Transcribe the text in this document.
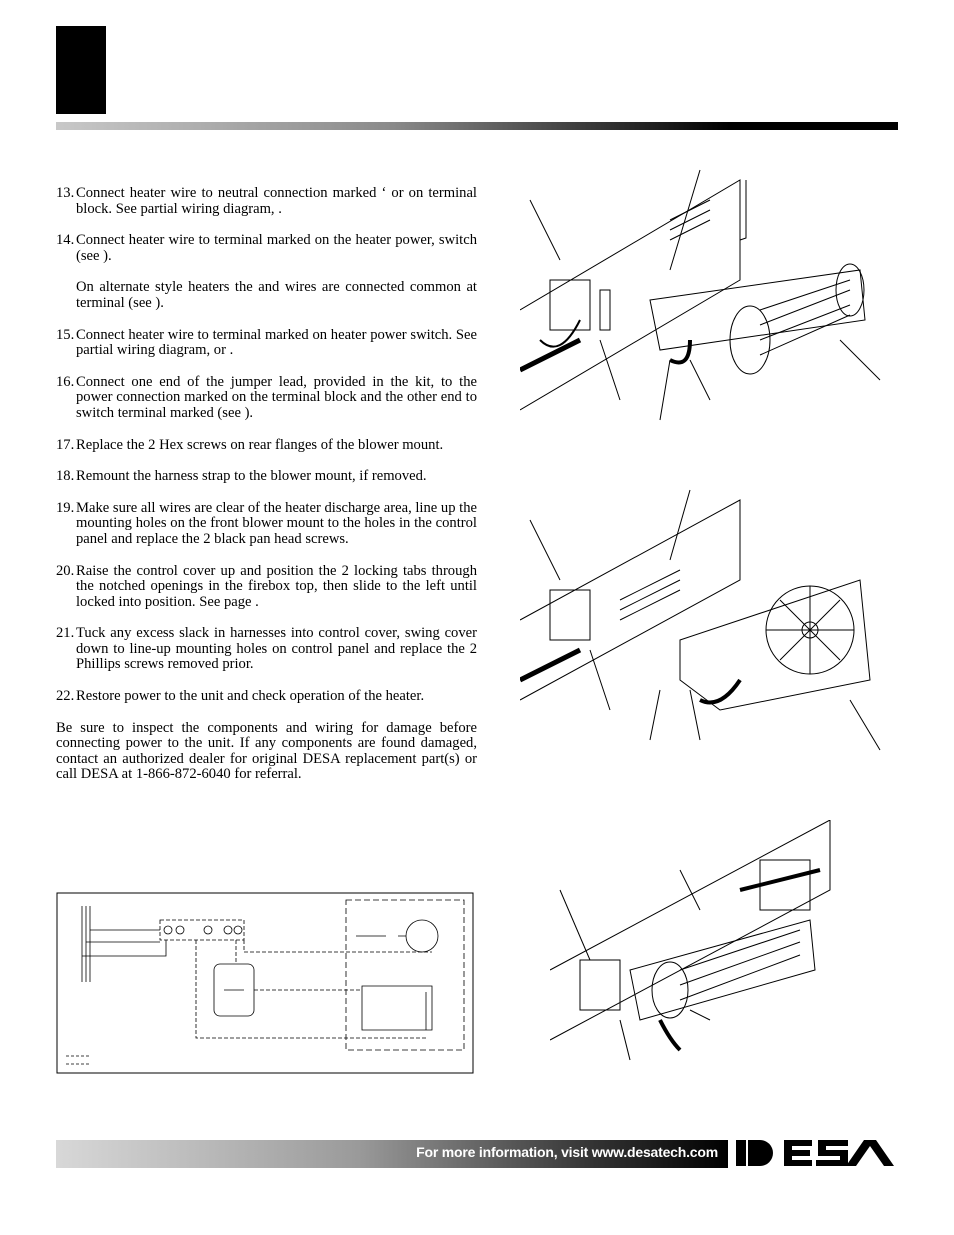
13. Connect heater wire to neutral connection marked ‘ or on terminal block. See partial wiring diagram, .
14. Connect heater wire to terminal marked on the heater power, switch (see ).
On alternate style heaters the and wires are connected common at terminal (see ).
15. Connect heater wire to terminal marked on heater power switch. See partial wiring diagram, or .
16. Connect one end of the jumper lead, provided in the kit, to the power connection marked on the terminal block and the other end to switch terminal marked (see ).
17. Replace the 2 Hex screws on rear flanges of the blower mount.
18. Remount the harness strap to the blower mount, if removed.
19. Make sure all wires are clear of the heater discharge area, line up the mounting holes on the front blower mount to the holes in the control panel and replace the 2 black pan head screws.
20. Raise the control cover up and position the 2 locking tabs through the notched openings in the firebox top, then slide to the left until locked into position. See page .
21. Tuck any excess slack in harnesses into control cover, swing cover down to line-up mounting holes on control panel and replace the 2 Phillips screws removed prior.
22. Restore power to the unit and check operation of the heater.
Be sure to inspect the components and wiring for damage before connecting power to the unit. If any components are found damaged, contact an authorized dealer for original DESA replacement part(s) or call DESA at 1-866-872-6040 for referral.
For more information, visit www.desatech.com
